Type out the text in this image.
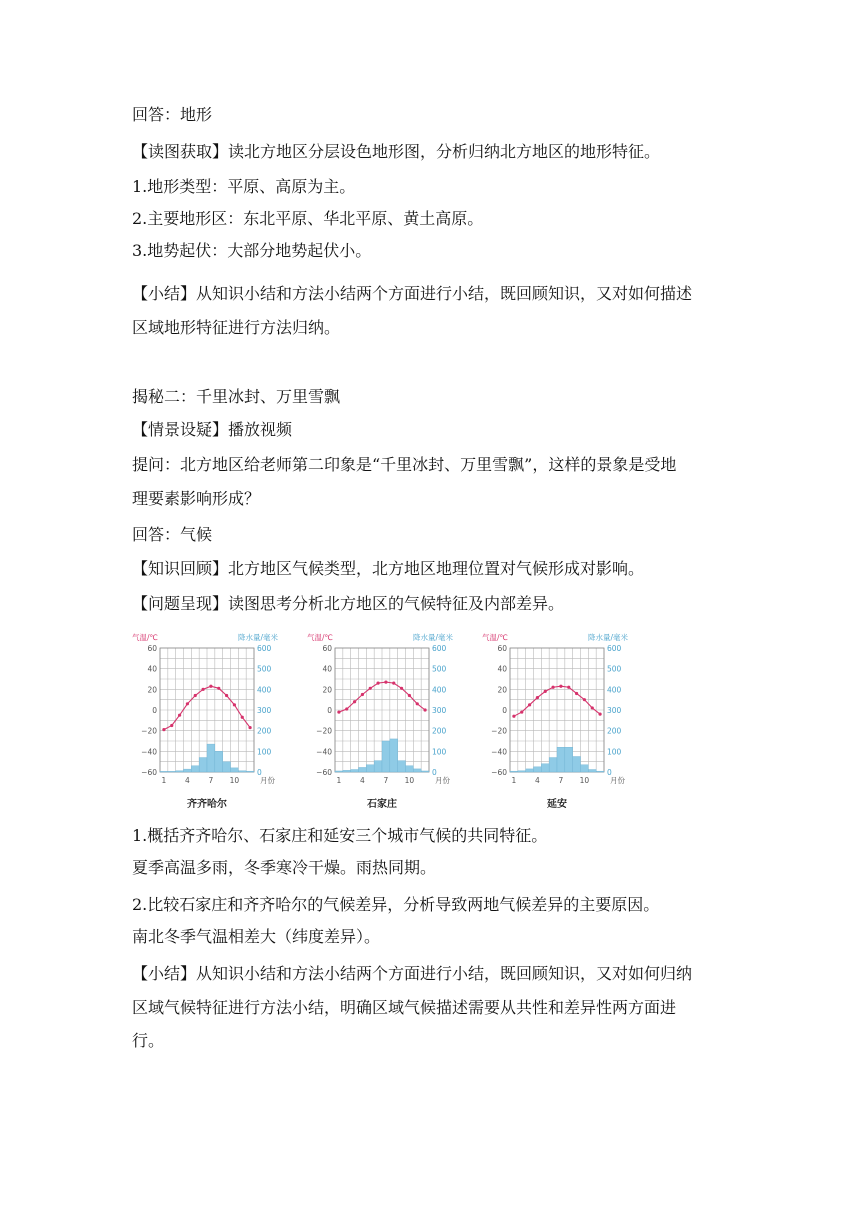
回答：地形
【读图获取】读北方地区分层设色地形图，分析归纳北方地区的地形特征。
1.地形类型：平原、高原为主。
2.主要地形区：东北平原、华北平原、黄土高原。
3.地势起伏：大部分地势起伏小。
【小结】从知识小结和方法小结两个方面进行小结，既回顾知识，又对如何描述
区域地形特征进行方法归纳。
揭秘二：千里冰封、万里雪飘
【情景设疑】播放视频
提问：北方地区给老师第二印象是“千里冰封、万里雪飘”，这样的景象是受地
理要素影响形成？
回答：气候
【知识回顾】北方地区气候类型，北方地区地理位置对气候形成对影响。
【问题呈现】读图思考分析北方地区的气候特征及内部差异。
气温/℃	降水量/毫米
60
40
20
0
−20
−40
−60
600
500
400
300
200
100
0
1 4 7 10	月份
齐齐哈尔
气温/℃	降水量/毫米
60
40
20
0
−20
−40
−60
600
500
400
300
200
100
0
1 4 7 10	月份
石家庄
气温/℃	降水量/毫米
60
40
20
0
−20
−40
−60
600
500
400
300
200
100
0
1 4 7 10	月份
延安
1.概括齐齐哈尔、石家庄和延安三个城市气候的共同特征。
夏季高温多雨，冬季寒冷干燥。雨热同期。
2.比较石家庄和齐齐哈尔的气候差异，分析导致两地气候差异的主要原因。
南北冬季气温相差大（纬度差异）。
【小结】从知识小结和方法小结两个方面进行小结，既回顾知识，又对如何归纳
区域气候特征进行方法小结，明确区域气候描述需要从共性和差异性两方面进
行。
